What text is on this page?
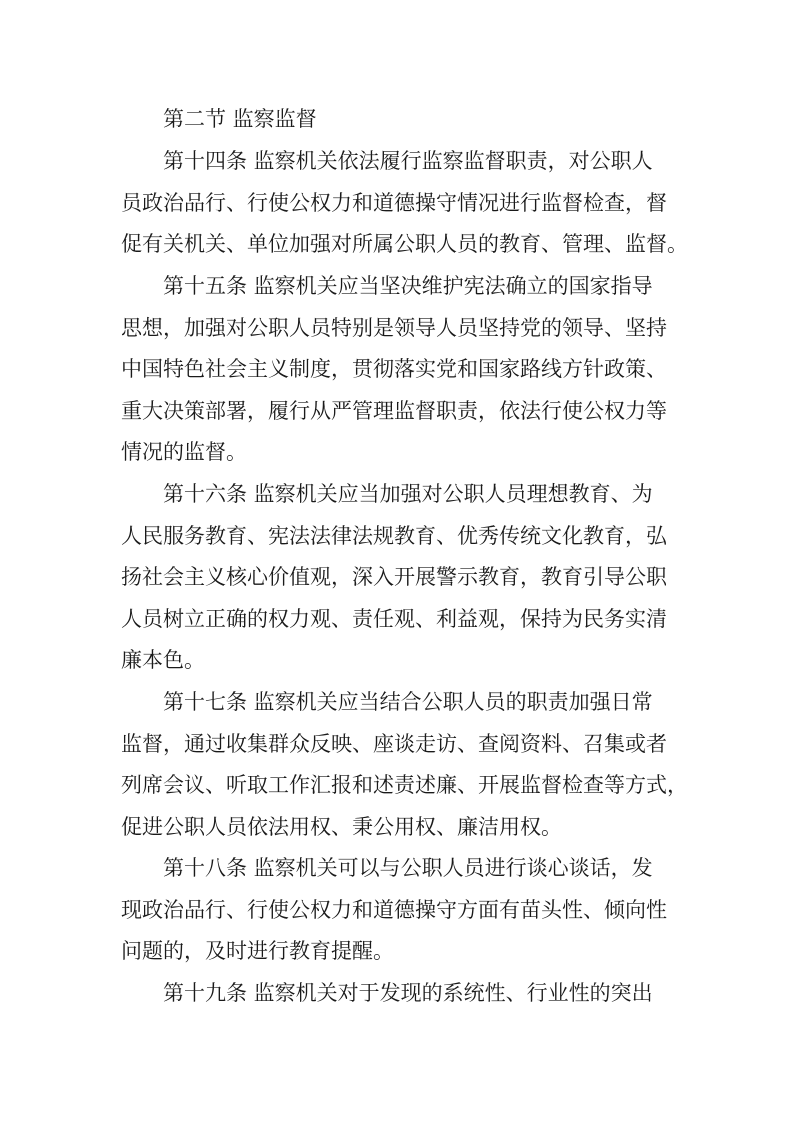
第二节 监察监督
第十四条 监察机关依法履行监察监督职责，对公职人
员政治品行、行使公权力和道德操守情况进行监督检查，督
促有关机关、单位加强对所属公职人员的教育、管理、监督。
第十五条 监察机关应当坚决维护宪法确立的国家指导
思想，加强对公职人员特别是领导人员坚持党的领导、坚持
中国特色社会主义制度，贯彻落实党和国家路线方针政策、
重大决策部署，履行从严管理监督职责，依法行使公权力等
情况的监督。
第十六条 监察机关应当加强对公职人员理想教育、为
人民服务教育、宪法法律法规教育、优秀传统文化教育，弘
扬社会主义核心价值观，深入开展警示教育，教育引导公职
人员树立正确的权力观、责任观、利益观，保持为民务实清
廉本色。
第十七条 监察机关应当结合公职人员的职责加强日常
监督，通过收集群众反映、座谈走访、查阅资料、召集或者
列席会议、听取工作汇报和述责述廉、开展监督检查等方式，
促进公职人员依法用权、秉公用权、廉洁用权。
第十八条 监察机关可以与公职人员进行谈心谈话，发
现政治品行、行使公权力和道德操守方面有苗头性、倾向性
问题的，及时进行教育提醒。
第十九条 监察机关对于发现的系统性、行业性的突出
